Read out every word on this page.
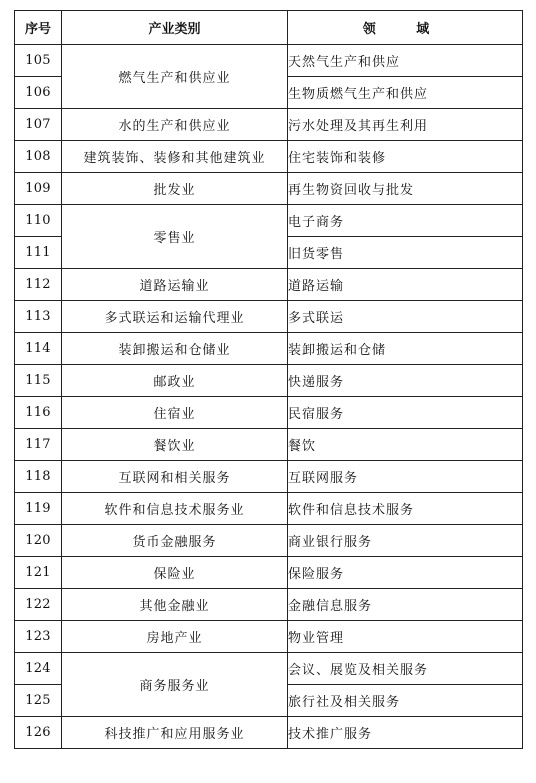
序号	产业类别	领 域
105	燃气生产和供应业	天然气生产和供应
106		生物质燃气生产和供应
107	水的生产和供应业	污水处理及其再生利用
108	建筑装饰、装修和其他建筑业	住宅装饰和装修
109	批发业	再生物资回收与批发
110	零售业	电子商务
111		旧货零售
112	道路运输业	道路运输
113	多式联运和运输代理业	多式联运
114	装卸搬运和仓储业	装卸搬运和仓储
115	邮政业	快递服务
116	住宿业	民宿服务
117	餐饮业	餐饮
118	互联网和相关服务	互联网服务
119	软件和信息技术服务业	软件和信息技术服务
120	货币金融服务	商业银行服务
121	保险业	保险服务
122	其他金融业	金融信息服务
123	房地产业	物业管理
124	商务服务业	会议、展览及相关服务
125		旅行社及相关服务
126	科技推广和应用服务业	技术推广服务
